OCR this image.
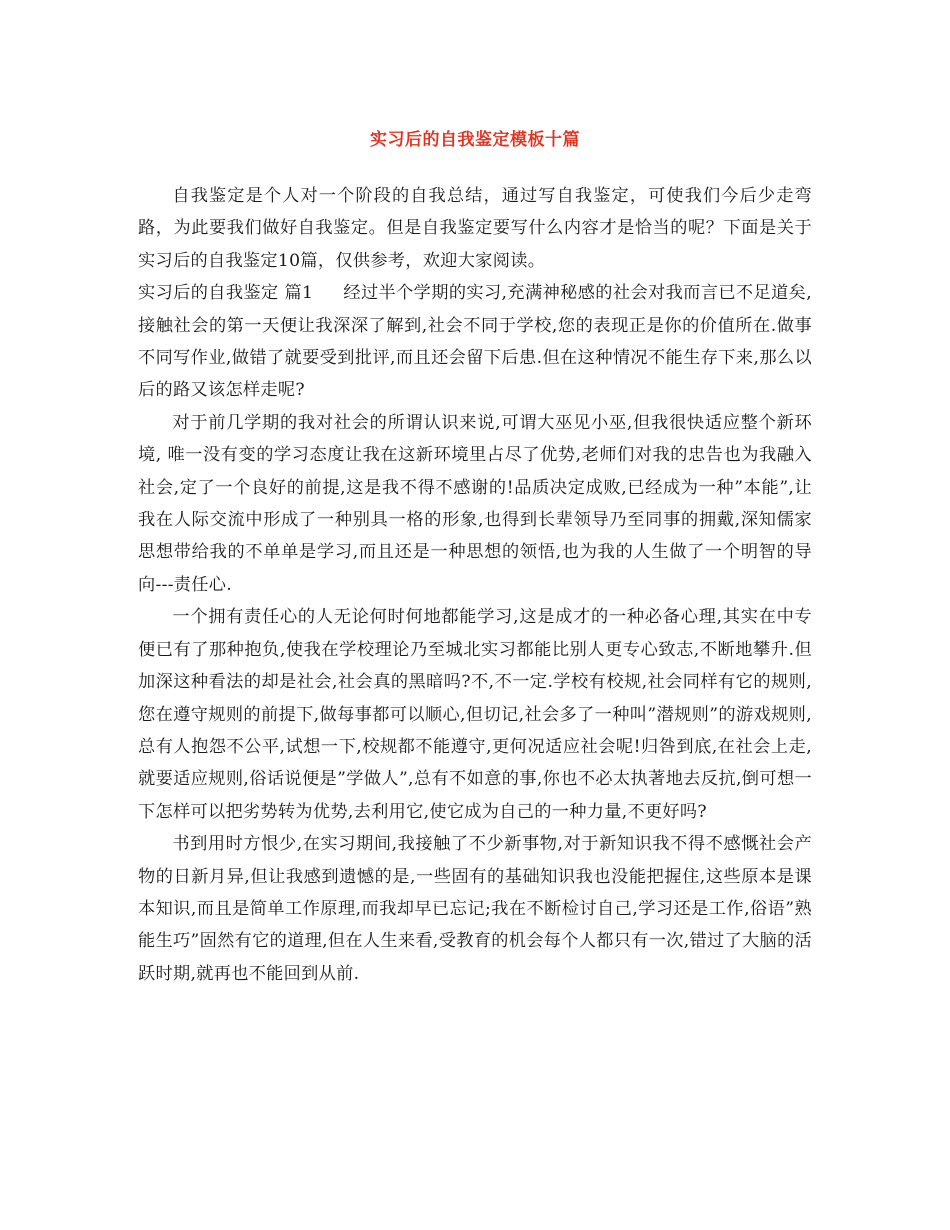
实习后的自我鉴定模板十篇

自我鉴定是个人对一个阶段的自我总结，通过写自我鉴定，可使我们今后少走弯路，为此要我们做好自我鉴定。但是自我鉴定要写什么内容才是恰当的呢？下面是关于实习后的自我鉴定10篇，仅供参考，欢迎大家阅读。

实习后的自我鉴定 篇1 经过半个学期的实习,充满神秘感的社会对我而言已不足道矣,接触社会的第一天便让我深深了解到,社会不同于学校,您的表现正是你的价值所在.做事不同写作业,做错了就要受到批评,而且还会留下后患.但在这种情况不能生存下来,那么以后的路又该怎样走呢?

对于前几学期的我对社会的所谓认识来说,可谓大巫见小巫,但我很快适应整个新环境, 唯一没有变的学习态度让我在这新环境里占尽了优势,老师们对我的忠告也为我融入社会,定了一个良好的前提,这是我不得不感谢的!品质决定成败,已经成为一种”本能”,让我在人际交流中形成了一种别具一格的形象,也得到长辈领导乃至同事的拥戴,深知儒家思想带给我的不单单是学习,而且还是一种思想的领悟,也为我的人生做了一个明智的导向---责任心.

一个拥有责任心的人无论何时何地都能学习,这是成才的一种必备心理,其实在中专便已有了那种抱负,使我在学校理论乃至城北实习都能比别人更专心致志,不断地攀升.但加深这种看法的却是社会,社会真的黑暗吗?不,不一定.学校有校规,社会同样有它的规则,您在遵守规则的前提下,做每事都可以顺心,但切记,社会多了一种叫”潜规则”的游戏规则,总有人抱怨不公平,试想一下,校规都不能遵守,更何况适应社会呢!归咎到底,在社会上走,就要适应规则,俗话说便是”学做人”,总有不如意的事,你也不必太执著地去反抗,倒可想一下怎样可以把劣势转为优势,去利用它,使它成为自己的一种力量,不更好吗?

书到用时方恨少,在实习期间,我接触了不少新事物,对于新知识我不得不感慨社会产物的日新月异,但让我感到遗憾的是,一些固有的基础知识我也没能把握住,这些原本是课本知识,而且是简单工作原理,而我却早已忘记;我在不断检讨自己,学习还是工作,俗语”熟能生巧”固然有它的道理,但在人生来看,受教育的机会每个人都只有一次,错过了大脑的活跃时期,就再也不能回到从前.
